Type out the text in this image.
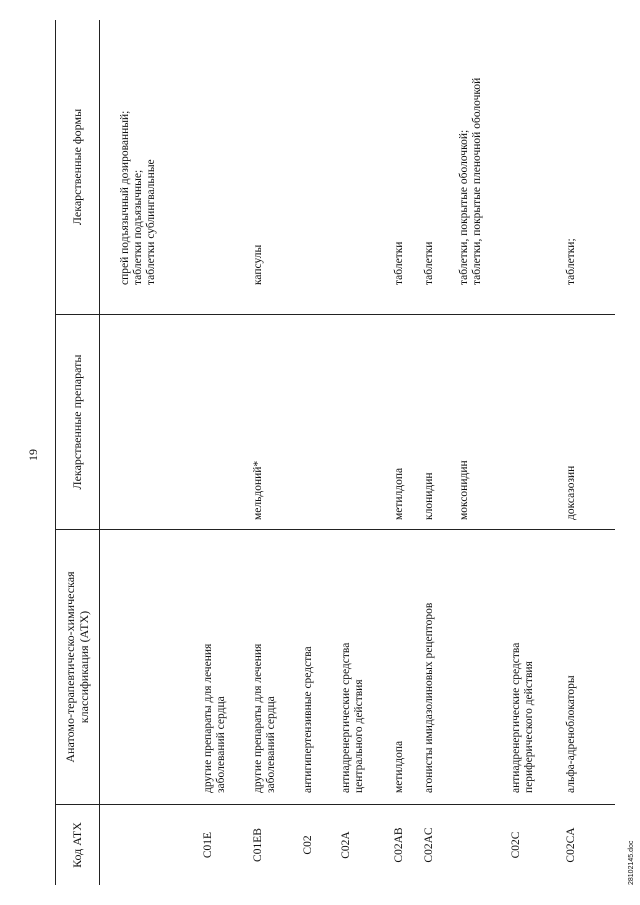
19
Код АТХ
Анатомо-терапевтическо-химическая классификация (АТХ)
Лекарственные препараты
Лекарственные формы	спрей подъязычный дозированный; таблетки подъязычные; таблетки сублингвальные
C01E
другие препараты для лечения заболеваний сердца
C01EB
другие препараты для лечения заболеваний сердца
мельдоний*
капсулы
C02
антигипертензивные средства
C02A
антиадренергические средства центрального действия
C02AB
метилдопа
метилдопа
таблетки
C02AC
агонисты имидазолиновых рецепторов
клонидин
таблетки
моксонидин
таблетки, покрытые оболочкой; таблетки, покрытые пленочной оболочкой
C02C
антиадренергические средства периферического действия
C02CA
альфа-адреноблокаторы
доксазозин
таблетки;
28102145.doc
